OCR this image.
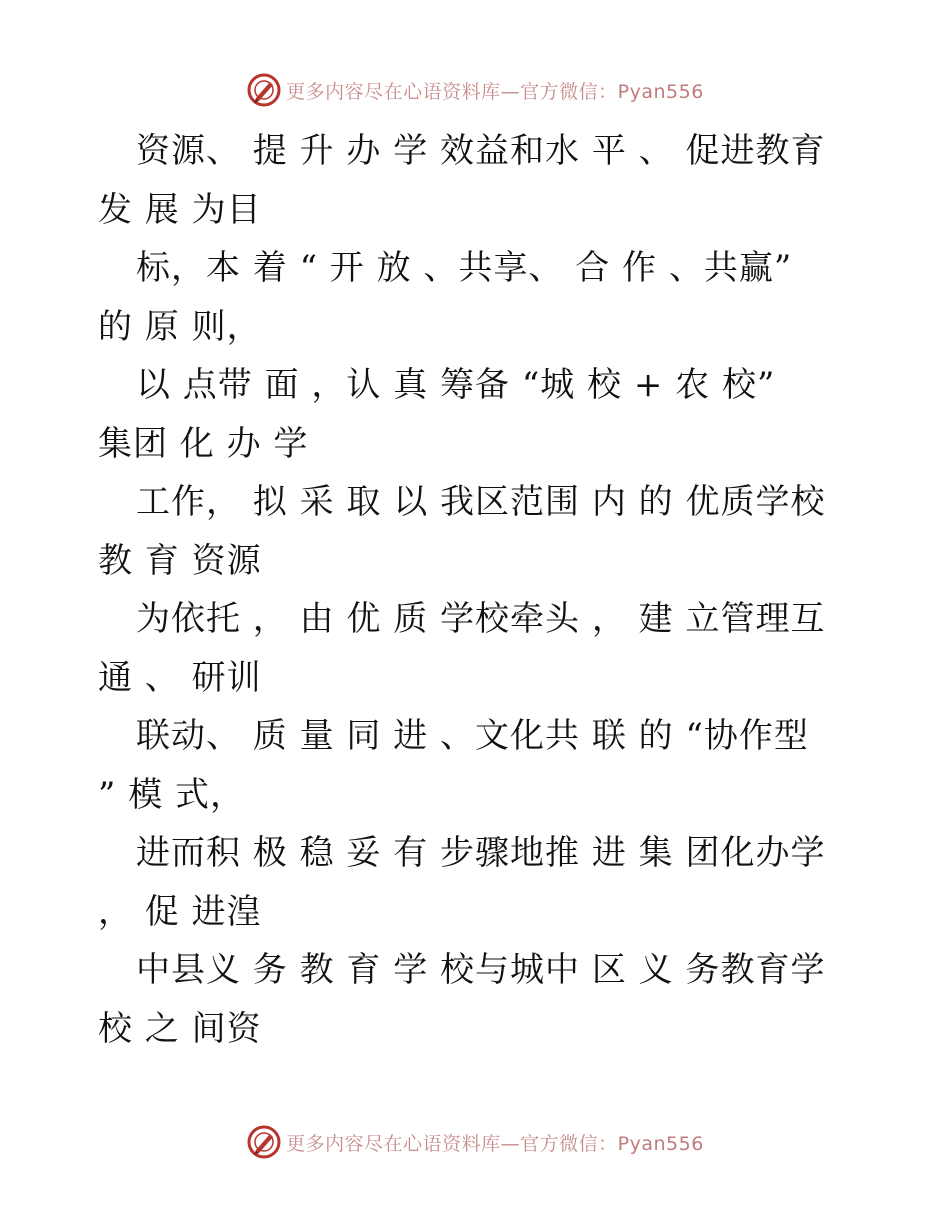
更多内容尽在心语资料库—官方微信：Pyan556
资源、 提 升 办 学 效益和水 平 、 促进教育
发 展 为目
标，本 着 “ 开 放 、共享、 合 作 、共赢”
的 原 则，
以 点带 面 ，认 真 筹备 “城 校 + 农 校”
集团 化 办 学
工作， 拟 采 取 以 我区范围 内 的 优质学校
教 育 资源
为依托 ， 由 优 质 学校牵头 ， 建 立管理互
通 、 研训
联动、 质 量 同 进 、文化共 联 的 “协作型
” 模 式，
进而积 极 稳 妥 有 步骤地推 进 集 团化办学
， 促 进湟
中县义 务 教 育 学 校与城中 区 义 务教育学
校 之 间资
更多内容尽在心语资料库—官方微信：Pyan556
